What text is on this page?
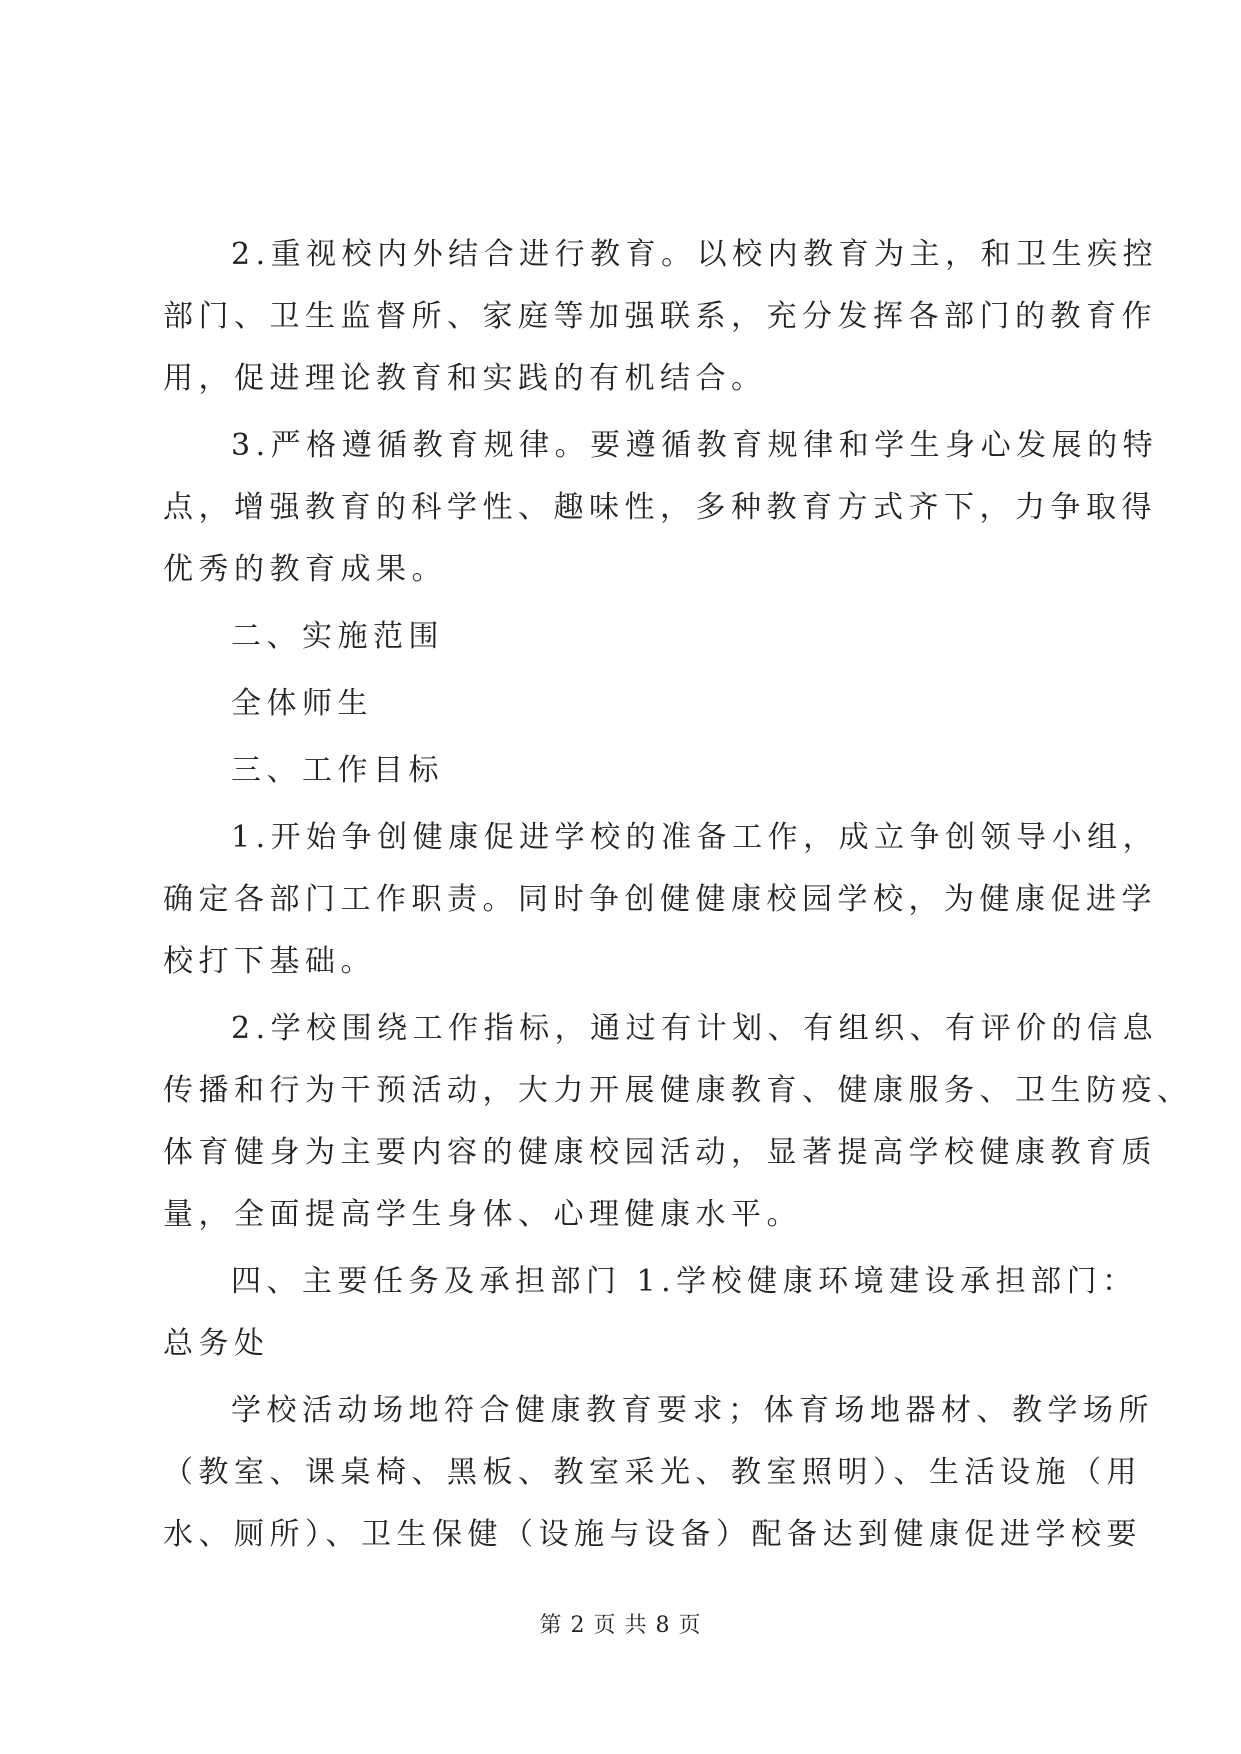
2.重视校内外结合进行教育。以校内教育为主，和卫生疾控
部门、卫生监督所、家庭等加强联系，充分发挥各部门的教育作
用，促进理论教育和实践的有机结合。
3.严格遵循教育规律。要遵循教育规律和学生身心发展的特
点，增强教育的科学性、趣味性，多种教育方式齐下，力争取得
优秀的教育成果。
二、实施范围
全体师生
三、工作目标
1.开始争创健康促进学校的准备工作，成立争创领导小组，
确定各部门工作职责。同时争创健健康校园学校，为健康促进学
校打下基础。
2.学校围绕工作指标，通过有计划、有组织、有评价的信息
传播和行为干预活动，大力开展健康教育、健康服务、卫生防疫、
体育健身为主要内容的健康校园活动，显著提高学校健康教育质
量，全面提高学生身体、心理健康水平。
四、主要任务及承担部门 1.学校健康环境建设承担部门：
总务处
学校活动场地符合健康教育要求；体育场地器材、教学场所
（教室、课桌椅、黑板、教室采光、教室照明）、生活设施（用
水、厕所）、卫生保健（设施与设备）配备达到健康促进学校要
第 2 页 共 8 页
